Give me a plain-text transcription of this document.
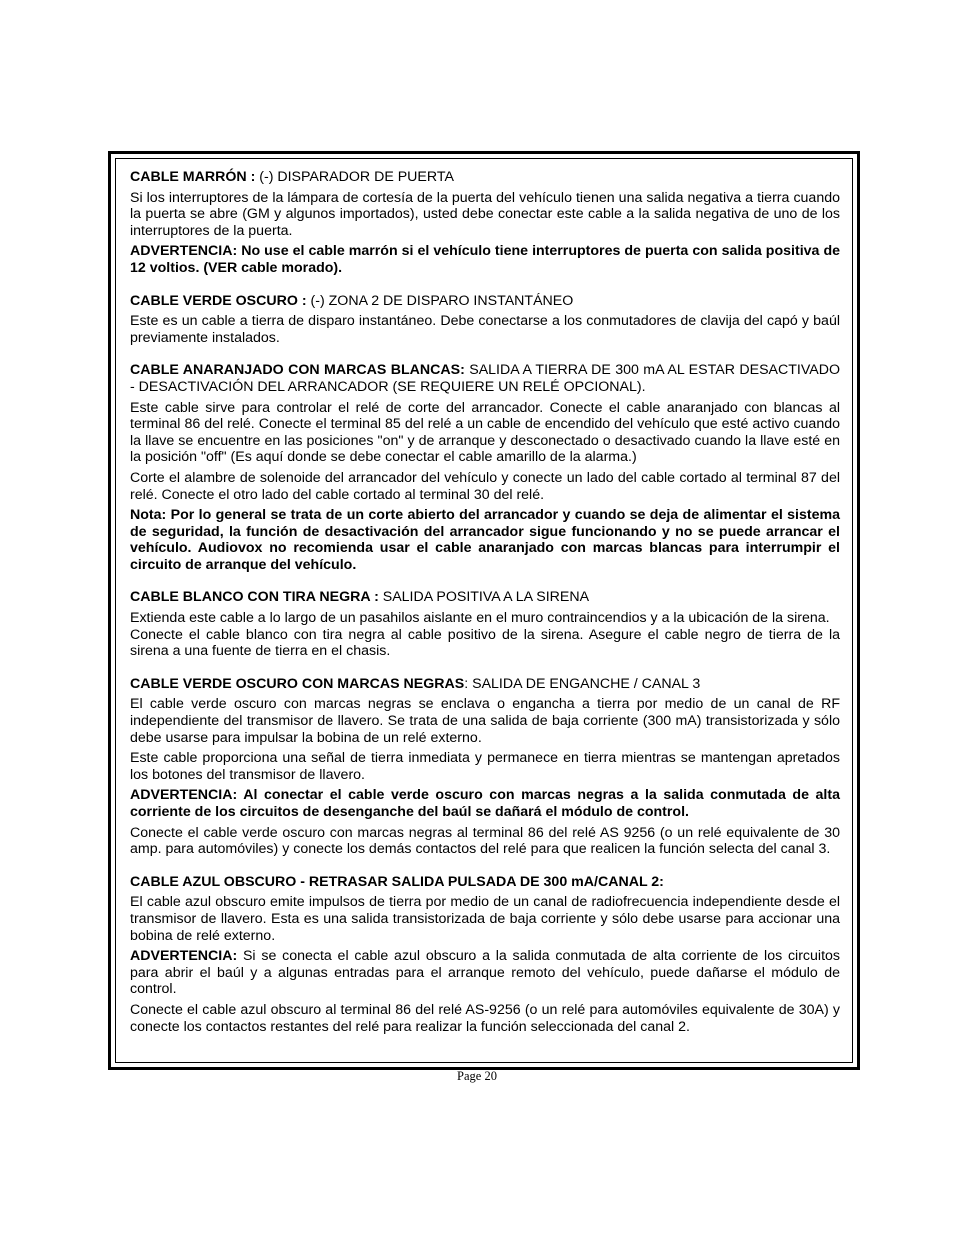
CABLE MARRÓN : (-) DISPARADOR DE PUERTA

Si los interruptores de la lámpara de cortesía de la puerta del vehículo tienen una salida negativa a tierra cuando la puerta se abre (GM y algunos importados), usted debe conectar este cable a la salida negativa de uno de los interruptores de la puerta.

ADVERTENCIA: No use el cable marrón si el vehículo tiene interruptores de puerta con salida positiva de 12 voltios. (VER cable morado).

CABLE VERDE OSCURO : (-) ZONA 2 DE DISPARO INSTANTÁNEO

Este es un cable a tierra de disparo instantáneo. Debe conectarse a los conmutadores de clavija del capó y baúl previamente instalados.

CABLE ANARANJADO CON MARCAS BLANCAS: SALIDA A TIERRA DE 300 mA AL ESTAR DESACTIVADO - DESACTIVACIÓN DEL ARRANCADOR (SE REQUIERE UN RELÉ OPCIONAL).

Este cable sirve para controlar el relé de corte del arrancador. Conecte el cable anaranjado con blancas al terminal 86 del relé. Conecte el terminal 85 del relé a un cable de encendido del vehículo que esté activo cuando la llave se encuentre en las posiciones "on" y de arranque y desconectado o desactivado cuando la llave esté en la posición "off" (Es aquí donde se debe conectar el cable amarillo de la alarma.)

Corte el alambre de solenoide del arrancador del vehículo y conecte un lado del cable cortado al terminal 87 del relé. Conecte el otro lado del cable cortado al terminal 30 del relé.

Nota: Por lo general se trata de un corte abierto del arrancador y cuando se deja de alimentar el sistema de seguridad, la función de desactivación del arrancador sigue funcionando y no se puede arrancar el vehículo. Audiovox no recomienda usar el cable anaranjado con marcas blancas para interrumpir el circuito de arranque del vehículo.

CABLE BLANCO CON TIRA NEGRA : SALIDA POSITIVA A LA SIRENA

Extienda este cable a lo largo de un pasahilos aislante en el muro contraincendios y a la ubicación de la sirena.

Conecte el cable blanco con tira negra al cable positivo de la sirena. Asegure el cable negro de tierra de la sirena a una fuente de tierra en el chasis.

CABLE VERDE OSCURO CON MARCAS NEGRAS: SALIDA DE ENGANCHE / CANAL 3

El cable verde oscuro con marcas negras se enclava o engancha a tierra por medio de un canal de RF independiente del transmisor de llavero. Se trata de una salida de baja corriente (300 mA) transistorizada y sólo debe usarse para impulsar la bobina de un relé externo.

Este cable proporciona una señal de tierra inmediata y permanece en tierra mientras se mantengan apretados los botones del transmisor de llavero.

ADVERTENCIA: Al conectar el cable verde oscuro con marcas negras a la salida conmutada de alta corriente de los circuitos de desenganche del baúl se dañará el módulo de control.

Conecte el cable verde oscuro con marcas negras al terminal 86 del relé AS 9256 (o un relé equivalente de 30 amp. para automóviles) y conecte los demás contactos del relé para que realicen la función selecta del canal 3.

CABLE AZUL OBSCURO - RETRASAR SALIDA PULSADA DE 300 mA/CANAL 2:

El cable azul obscuro emite impulsos de tierra por medio de un canal de radiofrecuencia independiente desde el transmisor de llavero. Esta es una salida transistorizada de baja corriente y sólo debe usarse para accionar una bobina de relé externo.

ADVERTENCIA: Si se conecta el cable azul obscuro a la salida conmutada de alta corriente de los circuitos para abrir el baúl y a algunas entradas para el arranque remoto del vehículo, puede dañarse el módulo de control.

Conecte el cable azul obscuro al terminal 86 del relé AS-9256 (o un relé para automóviles equivalente de 30A) y conecte los contactos restantes del relé para realizar la función seleccionada del canal 2.

Page 20
